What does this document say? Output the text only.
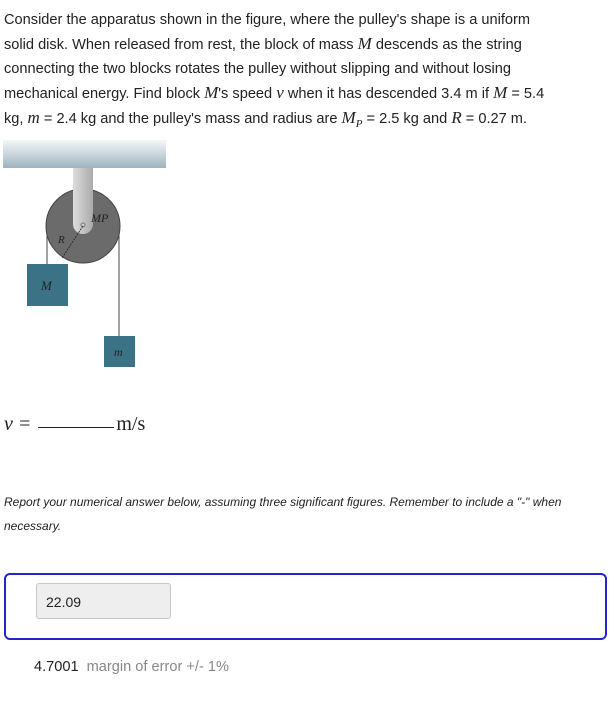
Consider the apparatus shown in the figure, where the pulley's shape is a uniform
solid disk. When released from rest, the block of mass M descends as the string
connecting the two blocks rotates the pulley without slipping and without losing
mechanical energy. Find block M's speed v when it has descended 3.4 m if M = 5.4
kg, m = 2.4 kg and the pulley's mass and radius are $M_P = 2.5$ kg and R = 0.27 m.
MP
R
M
m
v =	m/s
Report your numerical answer below, assuming three significant figures. Remember to include a "-" when necessary.
22.09
4.7001 margin of error +/- 1%
